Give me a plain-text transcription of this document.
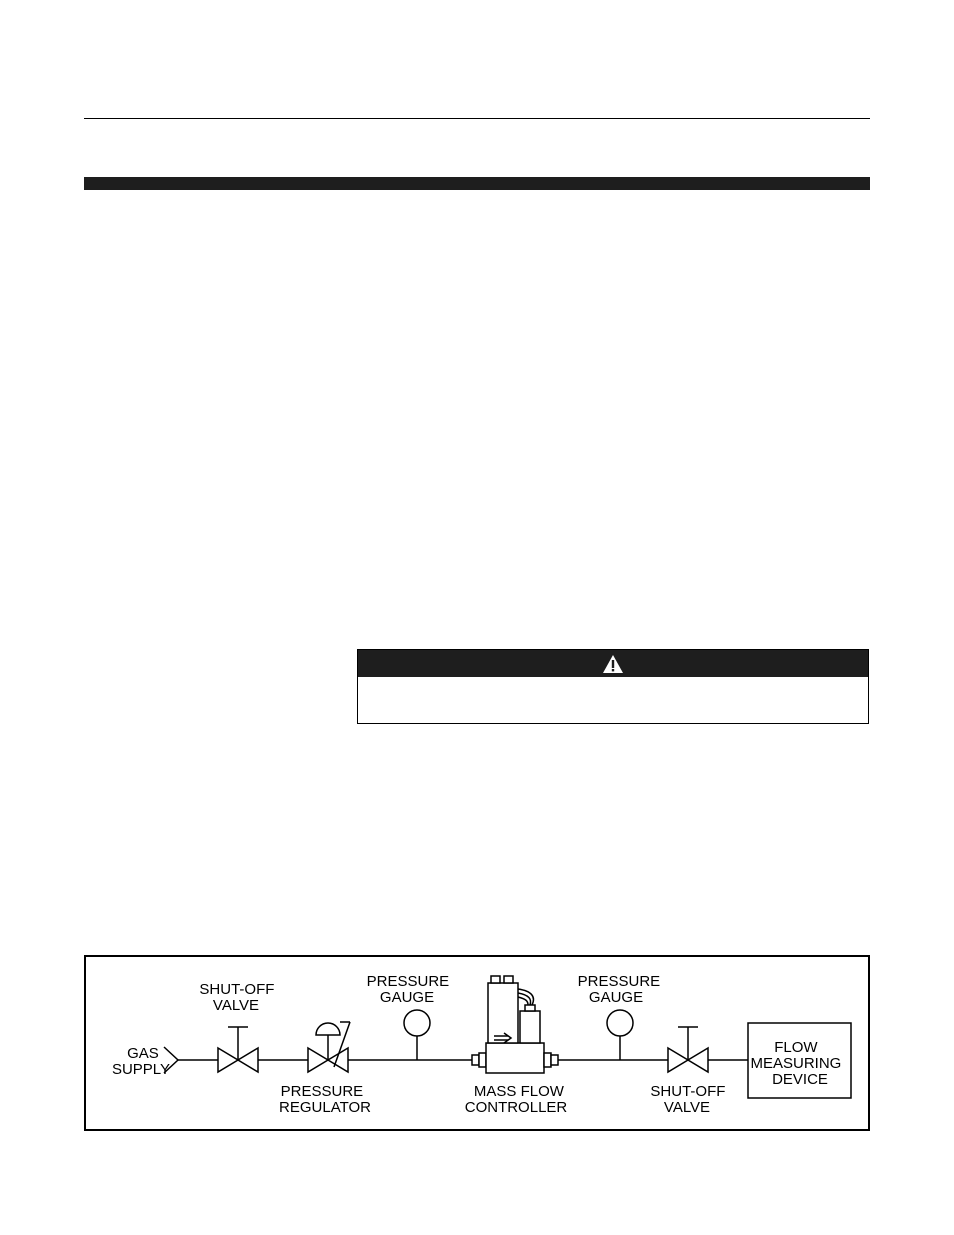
GAS SUPPLY
SHUT-OFF VALVE
PRESSURE REGULATOR
PRESSURE GAUGE
MASS FLOW CONTROLLER
PRESSURE GAUGE
SHUT-OFF VALVE
FLOW MEASURING DEVICE
